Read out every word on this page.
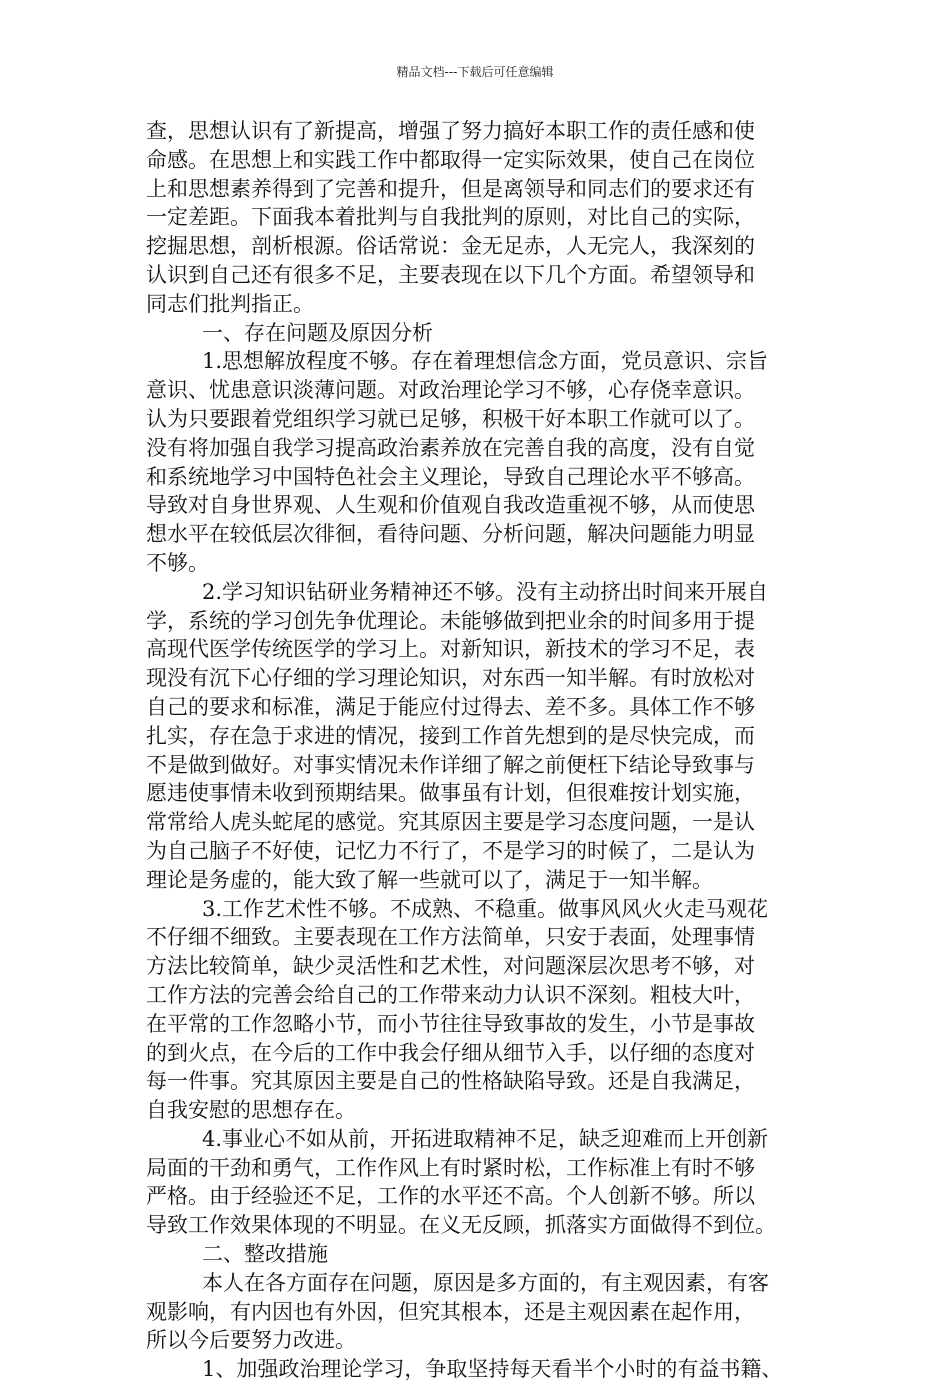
精品文档---下载后可任意编辑
查，思想认识有了新提高，增强了努力搞好本职工作的责任感和使
命感。在思想上和实践工作中都取得一定实际效果，使自己在岗位
上和思想素养得到了完善和提升，但是离领导和同志们的要求还有
一定差距。下面我本着批判与自我批判的原则，对比自己的实际，
挖掘思想，剖析根源。俗话常说：金无足赤，人无完人，我深刻的
认识到自己还有很多不足，主要表现在以下几个方面。希望领导和
同志们批判指正。
一、存在问题及原因分析
1.思想解放程度不够。存在着理想信念方面，党员意识、宗旨
意识、忧患意识淡薄问题。对政治理论学习不够，心存侥幸意识。
认为只要跟着党组织学习就已足够，积极干好本职工作就可以了。
没有将加强自我学习提高政治素养放在完善自我的高度，没有自觉
和系统地学习中国特色社会主义理论，导致自己理论水平不够高。
导致对自身世界观、人生观和价值观自我改造重视不够，从而使思
想水平在较低层次徘徊，看待问题、分析问题，解决问题能力明显
不够。
2.学习知识钻研业务精神还不够。没有主动挤出时间来开展自
学，系统的学习创先争优理论。未能够做到把业余的时间多用于提
高现代医学传统医学的学习上。对新知识，新技术的学习不足，表
现没有沉下心仔细的学习理论知识，对东西一知半解。有时放松对
自己的要求和标准，满足于能应付过得去、差不多。具体工作不够
扎实，存在急于求进的情况，接到工作首先想到的是尽快完成，而
不是做到做好。对事实情况未作详细了解之前便枉下结论导致事与
愿违使事情未收到预期结果。做事虽有计划，但很难按计划实施，
常常给人虎头蛇尾的感觉。究其原因主要是学习态度问题，一是认
为自己脑子不好使，记忆力不行了，不是学习的时候了，二是认为
理论是务虚的，能大致了解一些就可以了，满足于一知半解。
3.工作艺术性不够。不成熟、不稳重。做事风风火火走马观花
不仔细不细致。主要表现在工作方法简单，只安于表面，处理事情
方法比较简单，缺少灵活性和艺术性，对问题深层次思考不够，对
工作方法的完善会给自己的工作带来动力认识不深刻。粗枝大叶，
在平常的工作忽略小节，而小节往往导致事故的发生，小节是事故
的到火点，在今后的工作中我会仔细从细节入手，以仔细的态度对
每一件事。究其原因主要是自己的性格缺陷导致。还是自我满足，
自我安慰的思想存在。
4.事业心不如从前，开拓进取精神不足，缺乏迎难而上开创新
局面的干劲和勇气，工作作风上有时紧时松，工作标准上有时不够
严格。由于经验还不足，工作的水平还不高。个人创新不够。所以
导致工作效果体现的不明显。在义无反顾，抓落实方面做得不到位。
二、整改措施
本人在各方面存在问题，原因是多方面的，有主观因素，有客
观影响，有内因也有外因，但究其根本，还是主观因素在起作用，
所以今后要努力改进。
1、加强政治理论学习，争取坚持每天看半个小时的有益书籍、
